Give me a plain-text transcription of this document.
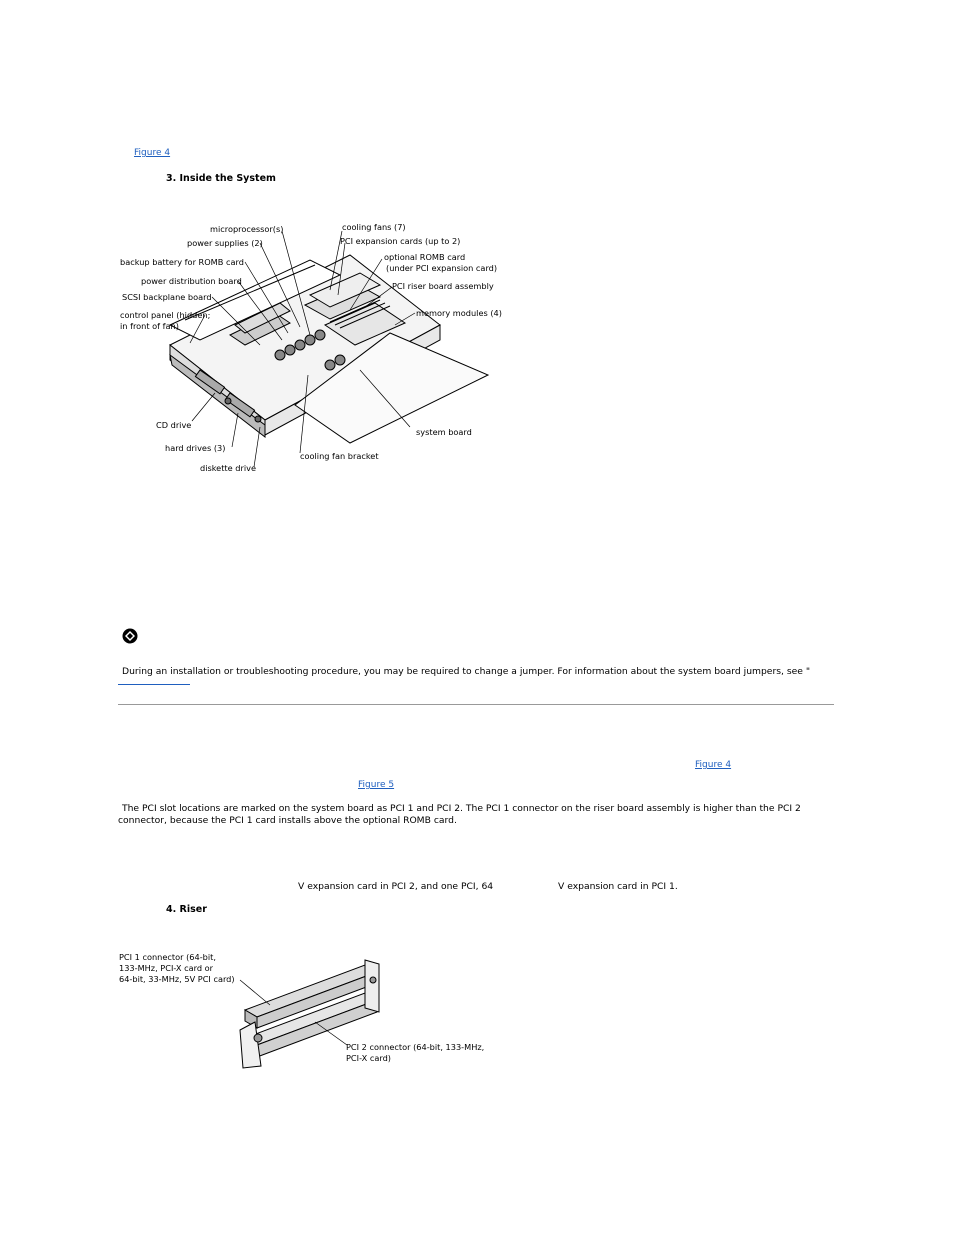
Figure 4
3. Inside the System
microprocessor(s)
power supplies (2)
backup battery for ROMB card
power distribution board
SCSI backplane board
control panel (hidden;
in front of fan)
cooling fans (7)
PCI expansion cards (up to 2)
optional ROMB card
(under PCI expansion card)
PCI riser board assembly
memory modules (4)
CD drive
hard drives (3)
diskette drive
cooling fan bracket
system board
During an installation or troubleshooting procedure, you may be required to change a jumper. For information about the system board jumpers, see "
Figure 4
Figure 5
The PCI slot locations are marked on the system board as PCI 1 and PCI 2. The PCI 1 connector on the riser board assembly is higher than the PCI 2
connector, because the PCI 1 card installs above the optional ROMB card.
V expansion card in PCI 2, and one PCI, 64	V expansion card in PCI 1.
4. Riser
PCI 1 connector (64-bit,
133-MHz, PCI-X card or
64-bit, 33-MHz, 5V PCI card)
PCI 2 connector (64-bit, 133-MHz,
PCI-X card)
